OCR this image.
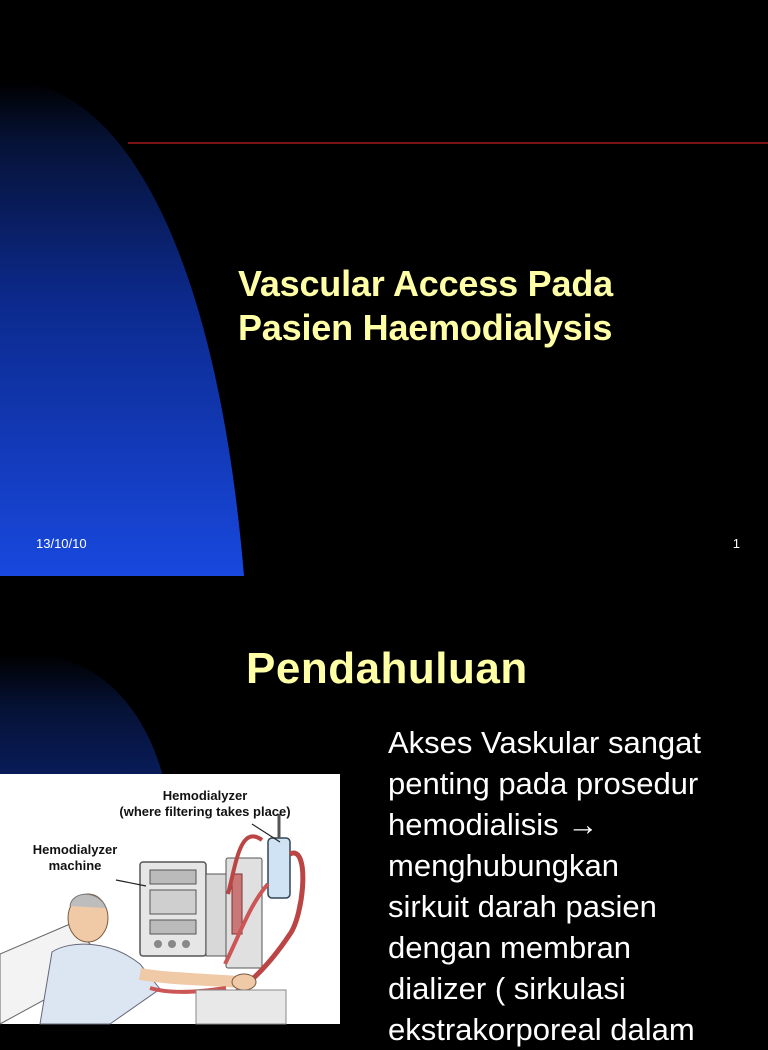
Vascular Access Pada
Pasien Haemodialysis
13/10/10	1
Pendahuluan
Akses Vaskular sangat
penting pada prosedur
hemodialisis →
menghubungkan
sirkuit darah pasien
dengan membran
dializer ( sirkulasi
ekstrakorporeal dalam
Hemodialyzer
(where filtering takes place)
Hemodialyzer
machine
